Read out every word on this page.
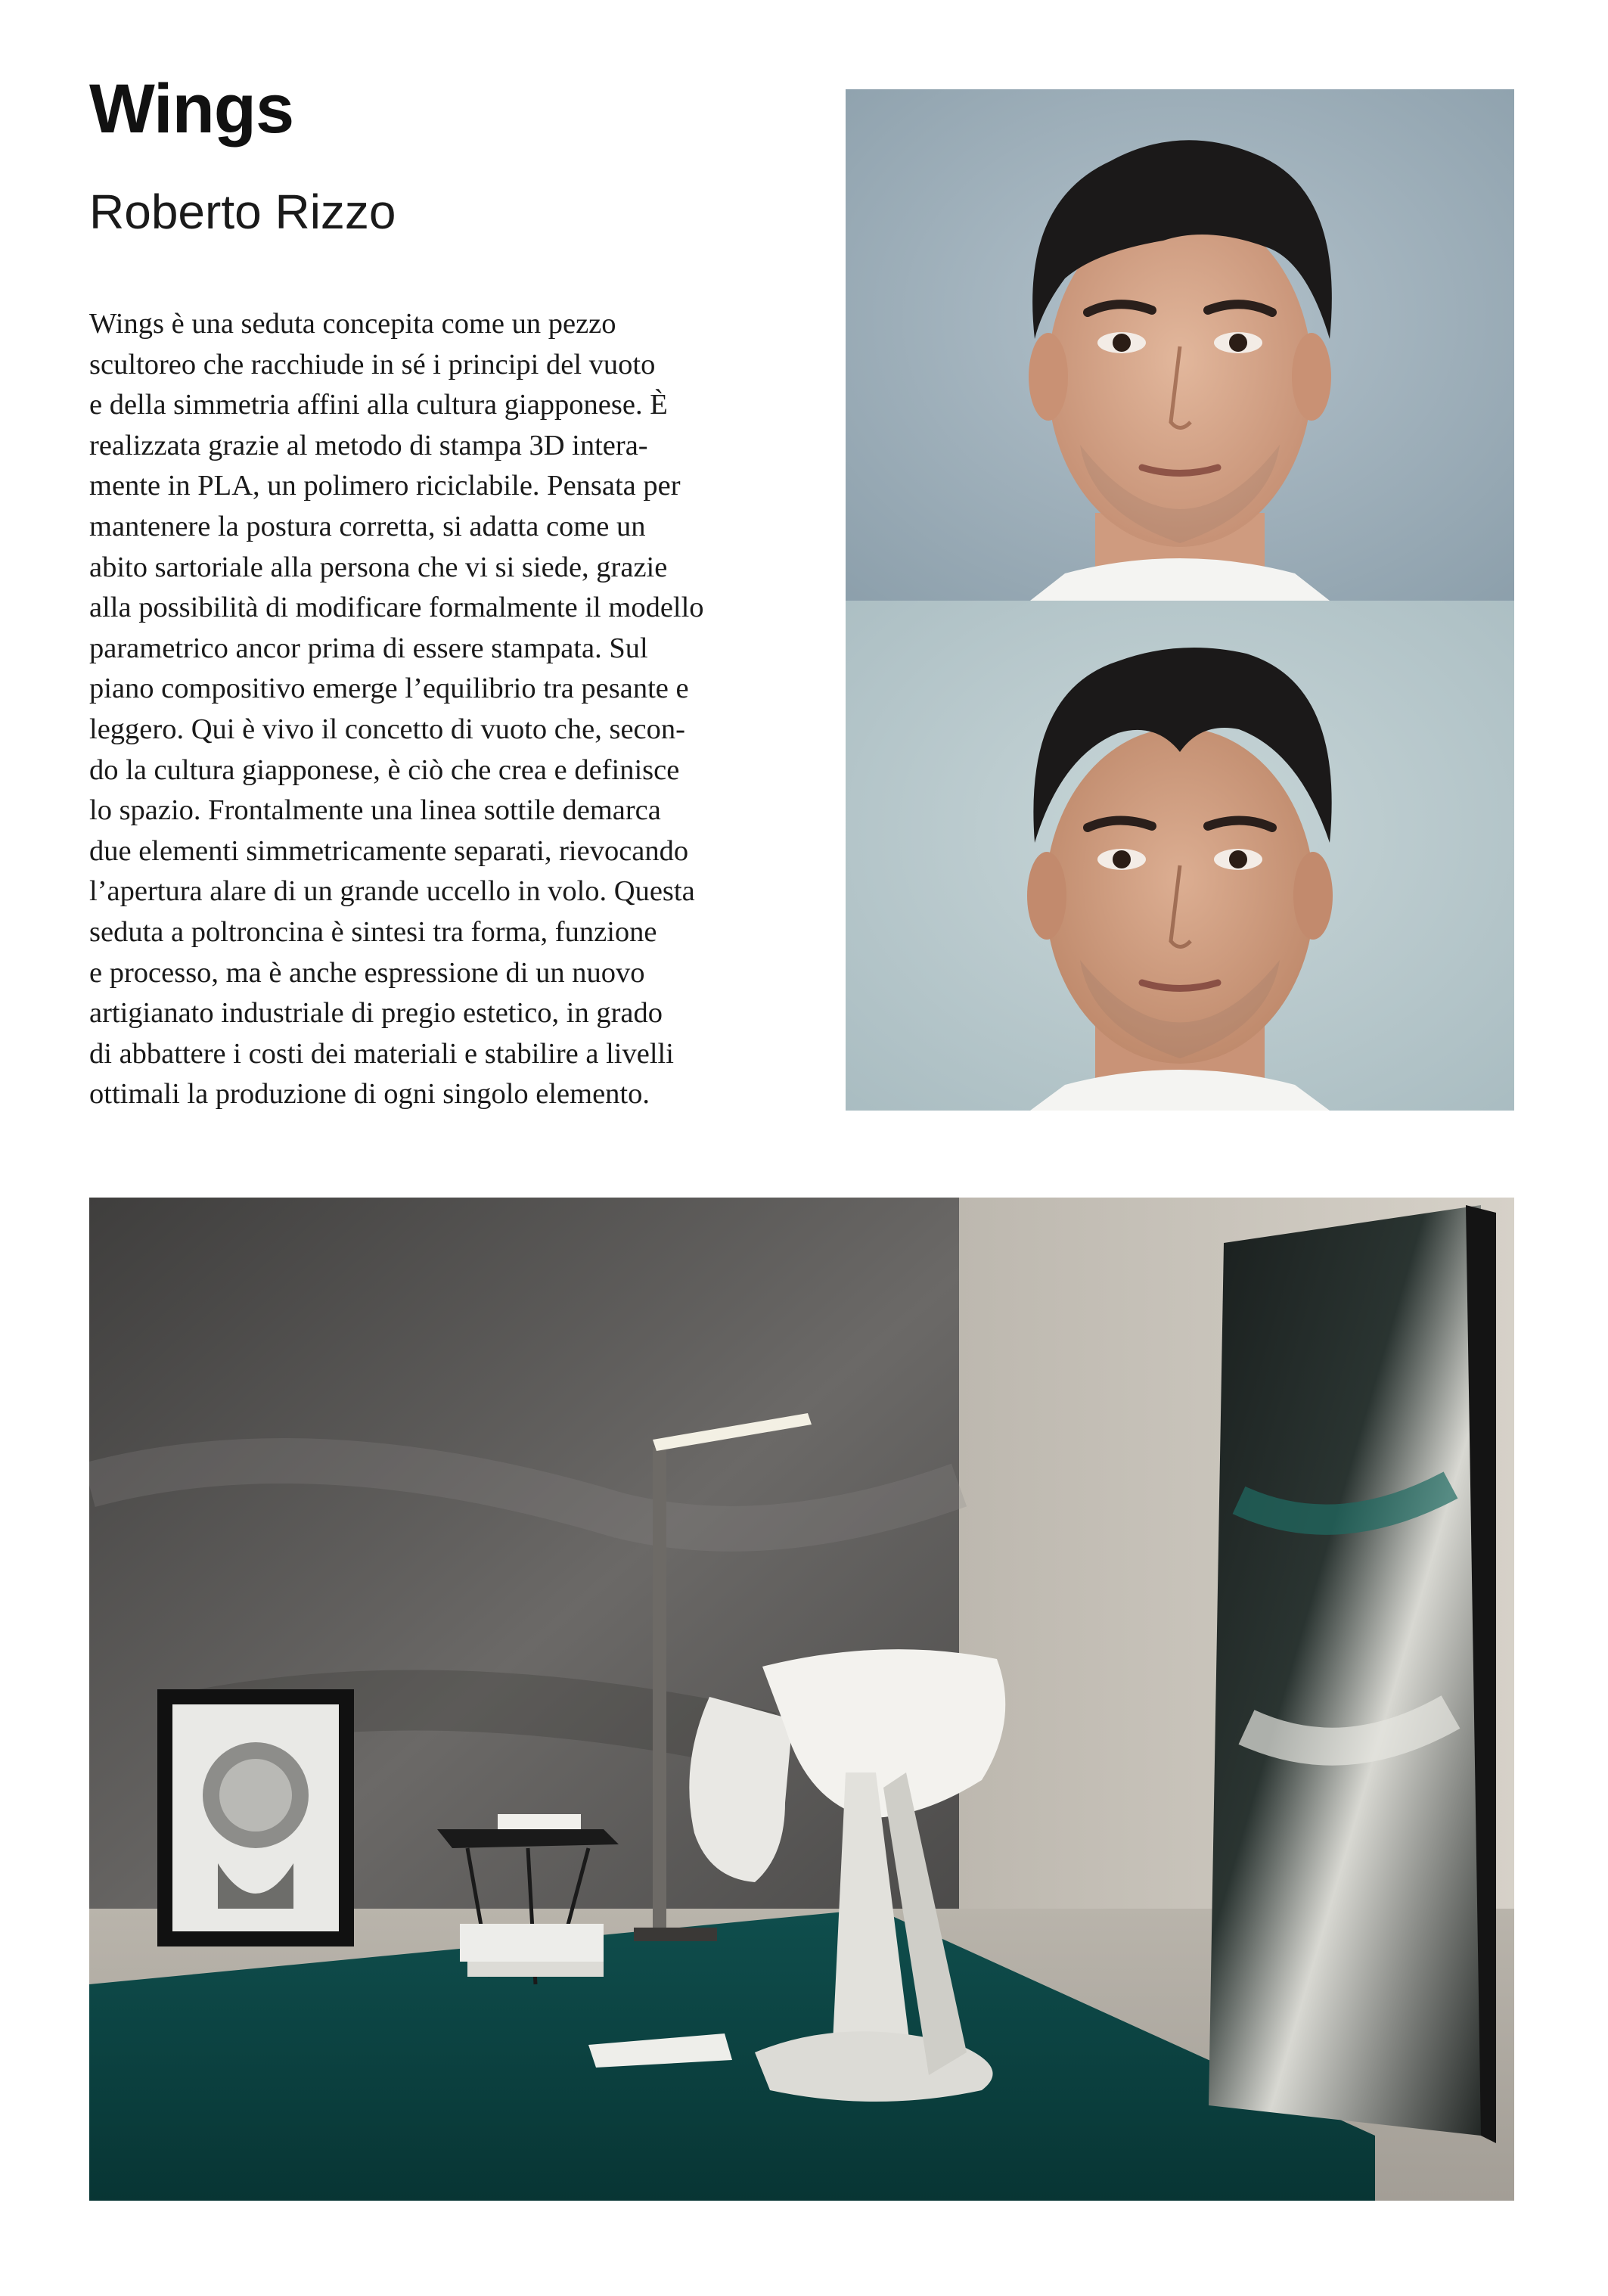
Wings
Roberto Rizzo

Wings è una seduta concepita come un pezzo
scultoreo che racchiude in sé i principi del vuoto
e della simmetria affini alla cultura giapponese. È
realizzata grazie al metodo di stampa 3D intera-
mente in PLA, un polimero riciclabile. Pensata per
mantenere la postura corretta, si adatta come un
abito sartoriale alla persona che vi si siede, grazie
alla possibilità di modificare formalmente il modello
parametrico ancor prima di essere stampata. Sul
piano compositivo emerge l’equilibrio tra pesante e
leggero. Qui è vivo il concetto di vuoto che, secon-
do la cultura giapponese, è ciò che crea e definisce
lo spazio. Frontalmente una linea sottile demarca
due elementi simmetricamente separati, rievocando
l’apertura alare di un grande uccello in volo. Questa
seduta a poltroncina è sintesi tra forma, funzione
e processo, ma è anche espressione di un nuovo
artigianato industriale di pregio estetico, in grado
di abbattere i costi dei materiali e stabilire a livelli
ottimali la produzione di ogni singolo elemento.
